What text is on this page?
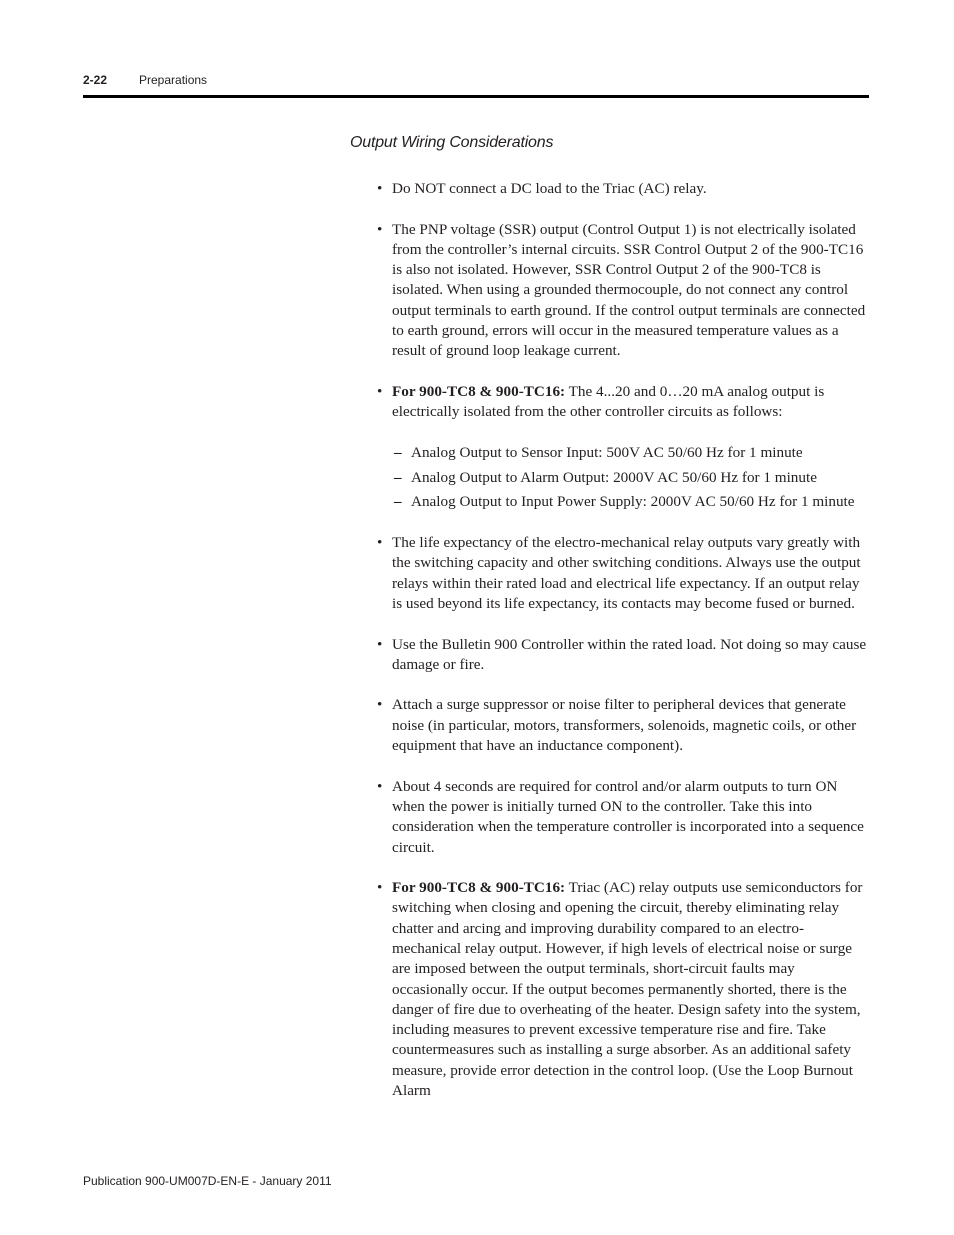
2-22	Preparations
Output Wiring Considerations
• Do NOT connect a DC load to the Triac (AC) relay.
• The PNP voltage (SSR) output (Control Output 1) is not electrically isolated from the controller’s internal circuits. SSR Control Output 2 of the 900-TC16 is also not isolated. However, SSR Control Output 2 of the 900-TC8 is isolated. When using a grounded thermocouple, do not connect any control output terminals to earth ground. If the control output terminals are connected to earth ground, errors will occur in the measured temperature values as a result of ground loop leakage current.
• For 900-TC8 & 900-TC16: The 4...20 and 0…20 mA analog output is electrically isolated from the other controller circuits as follows:
– Analog Output to Sensor Input: 500V AC 50/60 Hz for 1 minute
– Analog Output to Alarm Output: 2000V AC 50/60 Hz for 1 minute
– Analog Output to Input Power Supply: 2000V AC 50/60 Hz for 1 minute
• The life expectancy of the electro-mechanical relay outputs vary greatly with the switching capacity and other switching conditions. Always use the output relays within their rated load and electrical life expectancy. If an output relay is used beyond its life expectancy, its contacts may become fused or burned.
• Use the Bulletin 900 Controller within the rated load. Not doing so may cause damage or fire.
• Attach a surge suppressor or noise filter to peripheral devices that generate noise (in particular, motors, transformers, solenoids, magnetic coils, or other equipment that have an inductance component).
• About 4 seconds are required for control and/or alarm outputs to turn ON when the power is initially turned ON to the controller. Take this into consideration when the temperature controller is incorporated into a sequence circuit.
• For 900-TC8 & 900-TC16: Triac (AC) relay outputs use semiconductors for switching when closing and opening the circuit, thereby eliminating relay chatter and arcing and improving durability compared to an electro-mechanical relay output. However, if high levels of electrical noise or surge are imposed between the output terminals, short-circuit faults may occasionally occur. If the output becomes permanently shorted, there is the danger of fire due to overheating of the heater. Design safety into the system, including measures to prevent excessive temperature rise and fire. Take countermeasures such as installing a surge absorber. As an additional safety measure, provide error detection in the control loop. (Use the Loop Burnout Alarm
Publication 900-UM007D-EN-E - January 2011
